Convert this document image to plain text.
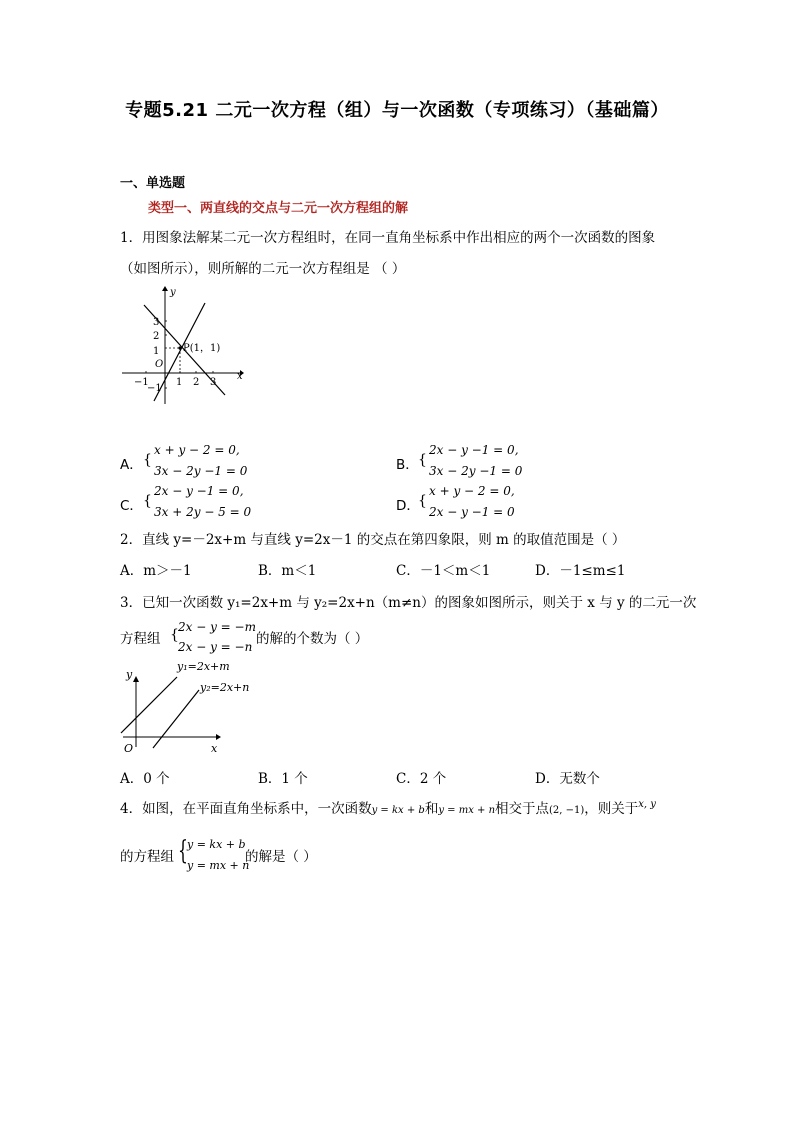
专题5.21 二元一次方程（组）与一次函数（专项练习）（基础篇）
一、单选题
类型一、两直线的交点与二元一次方程组的解
1．用图象法解某二元一次方程组时，在同一直角坐标系中作出相应的两个一次函数的图象
（如图所示），则所解的二元一次方程组是 （ ）
y
x
O
−1	1 2 3
3
2
1
−1
P(1，1)
A． {
x + y − 2 = 0,
3x − 2y −1 = 0	B． {
2x − y −1 = 0,
3x − 2y −1 = 0
C． {
2x − y −1 = 0,
3x + 2y − 5 = 0	D．
{
x + y − 2 = 0,
2x − y −1 = 0
2．直线 y=－2x+m 与直线 y=2x－1 的交点在第四象限，则 m 的取值范围是（ ）
A．m＞－1	B．m＜1	C．－1＜m＜1	D．－1≤m≤1
3．已知一次函数 y₁=2x+m 与 y₂=2x+n（m≠n）的图象如图所示，则关于 x 与 y 的二元一次
方程组 { 2x − y = −m
2x − y = −n 的解的个数为（ ）
y
x
O
y₁=2x+m
y₂=2x+n
A．0 个	B．1 个	C．2 个	D．无数个
4．如图，在平面直角坐标系中，一次函数y = kx + b和y = mx + n相交于点(2, −1)，则关于$^{x, y}$
的方程组 { y = kx + b
y = mx + n
的解是（ ）
